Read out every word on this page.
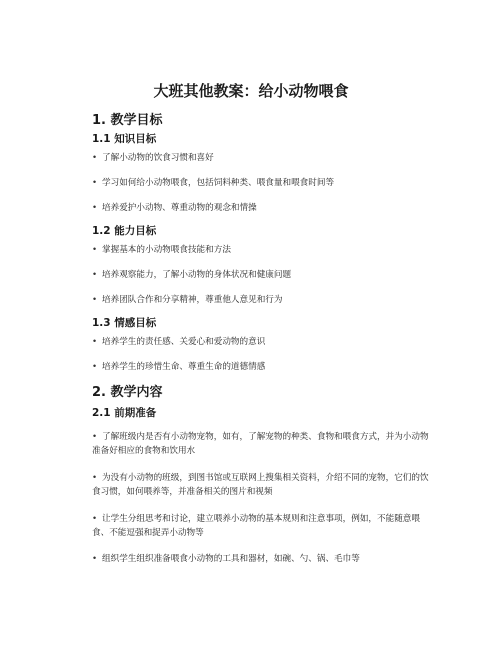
大班其他教案：给小动物喂食
1. 教学目标
1.1 知识目标
• 了解小动物的饮食习惯和喜好
• 学习如何给小动物喂食，包括饲料种类、喂食量和喂食时间等
• 培养爱护小动物、尊重动物的观念和情操
1.2 能力目标
• 掌握基本的小动物喂食技能和方法
• 培养观察能力，了解小动物的身体状况和健康问题
• 培养团队合作和分享精神，尊重他人意见和行为
1.3 情感目标
• 培养学生的责任感、关爱心和爱动物的意识
• 培养学生的珍惜生命、尊重生命的道德情感
2. 教学内容
2.1 前期准备
• 了解班级内是否有小动物宠物，如有，了解宠物的种类、食物和喂食方式，并为小动物准备好相应的食物和饮用水
• 为没有小动物的班级，到图书馆或互联网上搜集相关资料，介绍不同的宠物，它们的饮食习惯，如何喂养等，并准备相关的图片和视频
• 让学生分组思考和讨论，建立喂养小动物的基本规则和注意事项，例如，不能随意喂食、不能逗强和捉弄小动物等
• 组织学生组织准备喂食小动物的工具和器材，如碗、勺、锅、毛巾等
